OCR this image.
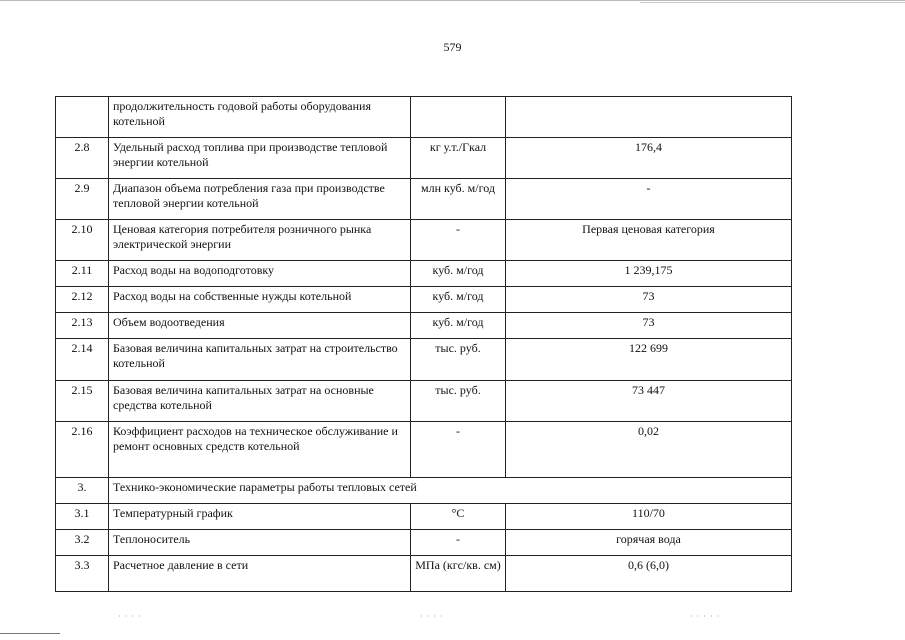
579
	продолжительность годовой работы оборудования котельной		
2.8	Удельный расход топлива при производстве тепловой энергии котельной	кг у.т./Гкал	176,4
2.9	Диапазон объема потребления газа при производстве тепловой энергии котельной	млн куб. м/год	-
2.10	Ценовая категория потребителя розничного рынка электрической энергии	-	Первая ценовая категория
2.11	Расход воды на водоподготовку	куб. м/год	1 239,175
2.12	Расход воды на собственные нужды котельной	куб. м/год	73
2.13	Объем водоотведения	куб. м/год	73
2.14	Базовая величина капитальных затрат на строительство котельной	тыс. руб.	122 699
2.15	Базовая величина капитальных затрат на основные средства котельной	тыс. руб.	73 447
2.16	Коэффициент расходов на техническое обслуживание и ремонт основных средств котельной	-	0,02
3.	Технико-экономические параметры работы тепловых сетей		
3.1	Температурный график	°C	110/70
3.2	Теплоноситель	-	горячая вода
3.3	Расчетное давление в сети	МПа (кгс/кв. см)	0,6 (6,0)
· · · ·	· · · ·	· · · · ·
